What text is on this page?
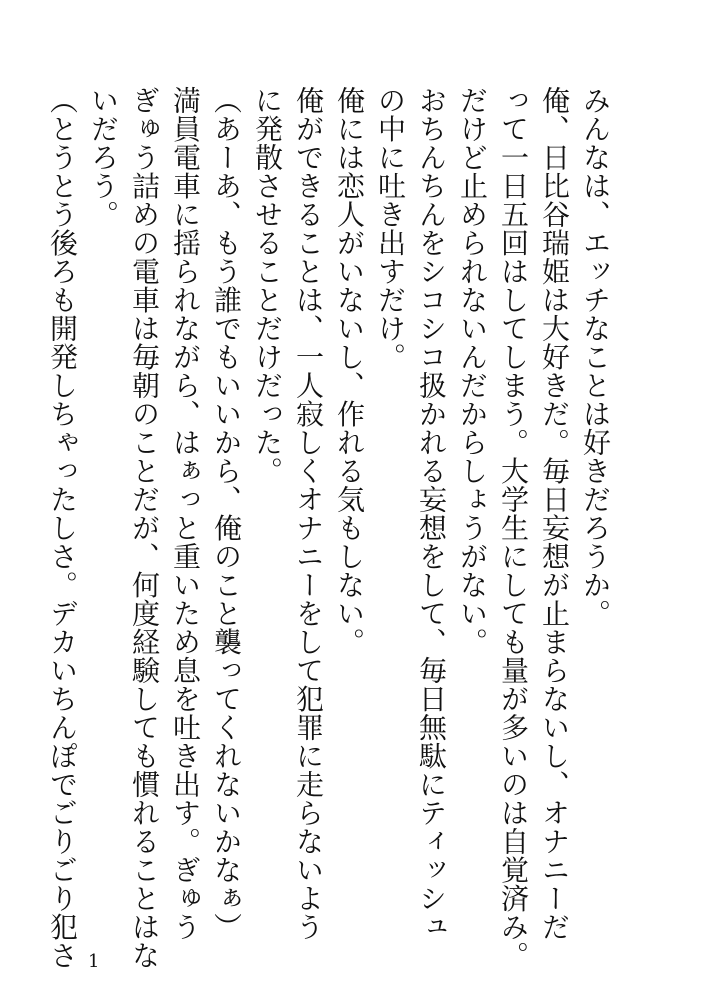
みんなは、エッチなことは好きだろうか。

俺、日比谷瑞姫は大好きだ。毎日妄想が止まらないし、オナニーだ

って一日五回はしてしまう。大学生にしても量が多いのは自覚済み。

だけど止められないんだからしょうがない。

おちんちんをシコシコ扱かれる妄想をして、毎日無駄にティッシュ

の中に吐き出すだけ。

俺には恋人がいないし、作れる気もしない。

俺ができることは、一人寂しくオナニーをして犯罪に走らないよう

に発散させることだけだった。

（あーあ、もう誰でもいいから、俺のこと襲ってくれないかなぁ）

満員電車に揺られながら、はぁっと重いため息を吐き出す。ぎゅう

ぎゅう詰めの電車は毎朝のことだが、何度経験しても慣れることはな

いだろう。

（とうとう後ろも開発しちゃったしさ。デカいちんぽでごりごり犯さ 1
